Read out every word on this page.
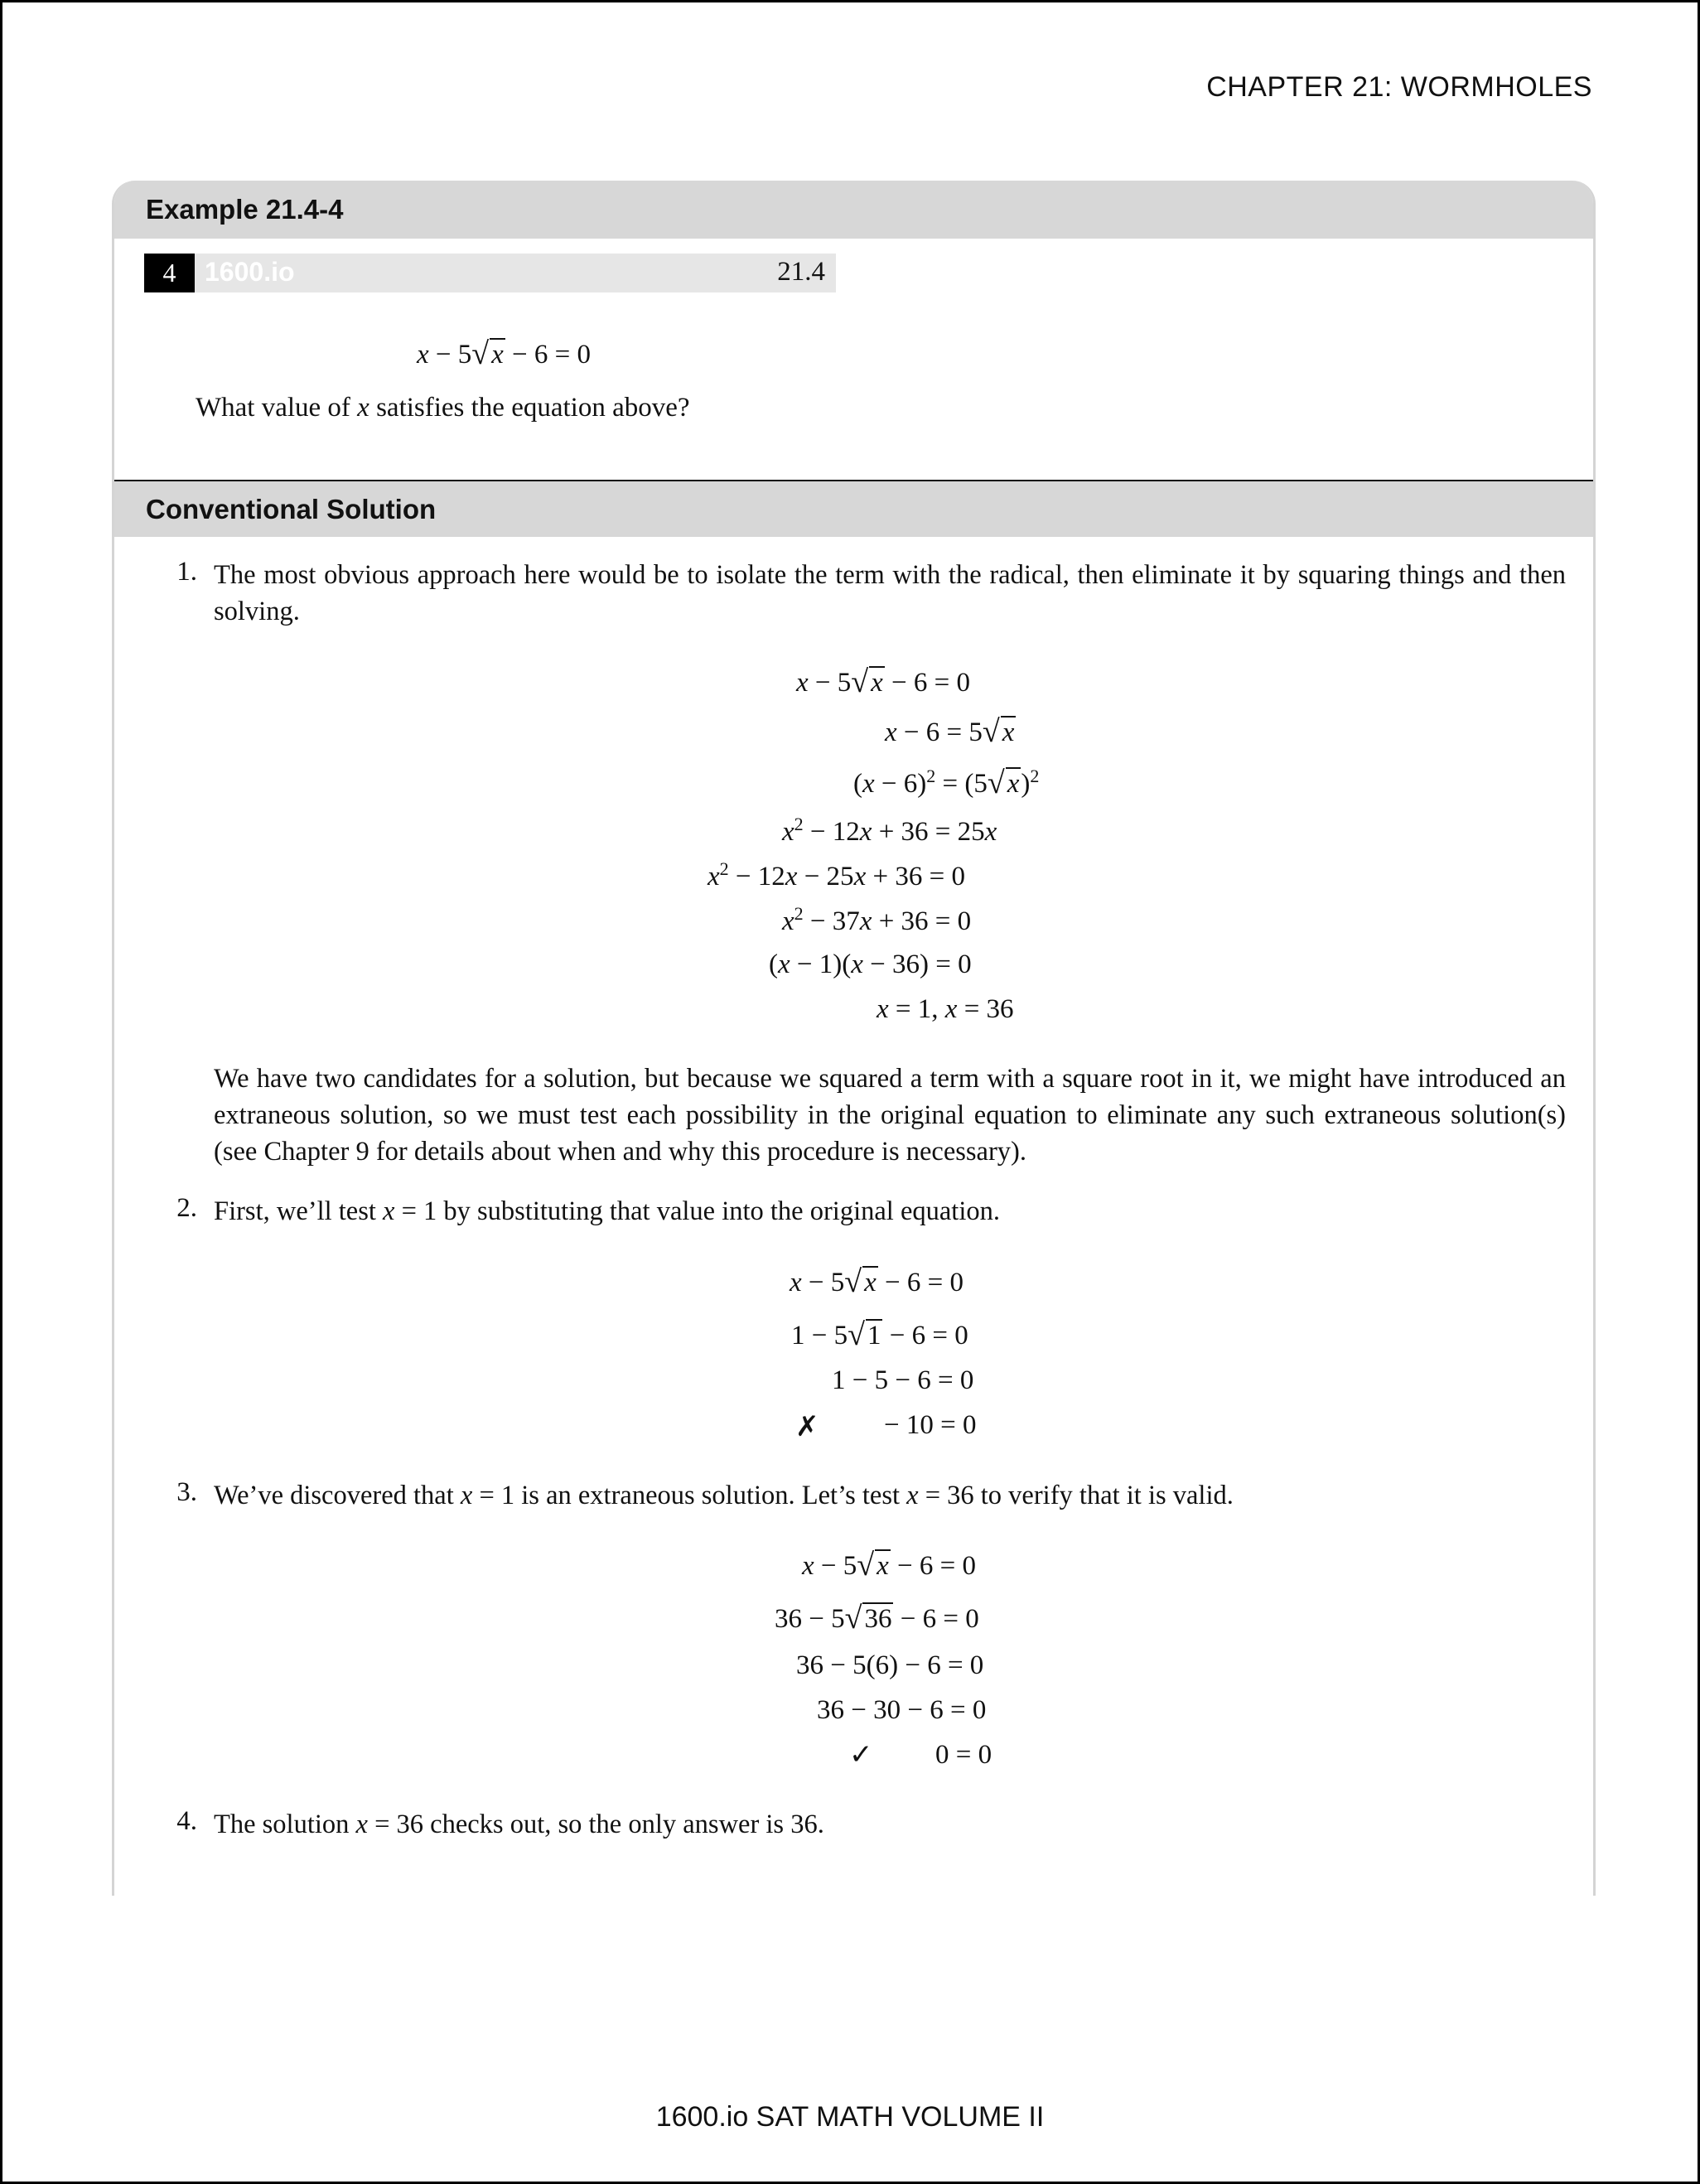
CHAPTER 21: WORMHOLES
Example 21.4-4
4	1600.io	21.4
x − 5√x − 6 = 0
What value of x satisfies the equation above?
Conventional Solution
1. The most obvious approach here would be to isolate the term with the radical, then eliminate it by squaring things and then solving.
x − 5√x − 6 = 0
x − 6 = 5√x
$(x - 6)^2 = (5√x)^2$
$x^2 - 12x + 36 = 25x$
$x^2 - 12x - 25x + 36 = 0$
$x^2 - 37x + 36 = 0$
(x − 1)(x − 36) = 0
x = 1, x = 36
We have two candidates for a solution, but because we squared a term with a square root in it, we might have introduced an extraneous solution, so we must test each possibility in the original equation to eliminate any such extraneous solution(s) (see Chapter 9 for details about when and why this procedure is necessary).
2. First, we’ll test x = 1 by substituting that value into the original equation.
x − 5√x − 6 = 0
1 − 5√1 − 6 = 0
1 − 5 − 6 = 0
✗ − 10 = 0
3. We’ve discovered that x = 1 is an extraneous solution. Let’s test x = 36 to verify that it is valid.
x − 5√x − 6 = 0
36 − 5√36 − 6 = 0
36 − 5(6) − 6 = 0
36 − 30 − 6 = 0
✓ 0 = 0
4. The solution x = 36 checks out, so the only answer is 36.
1600.io SAT MATH VOLUME II
